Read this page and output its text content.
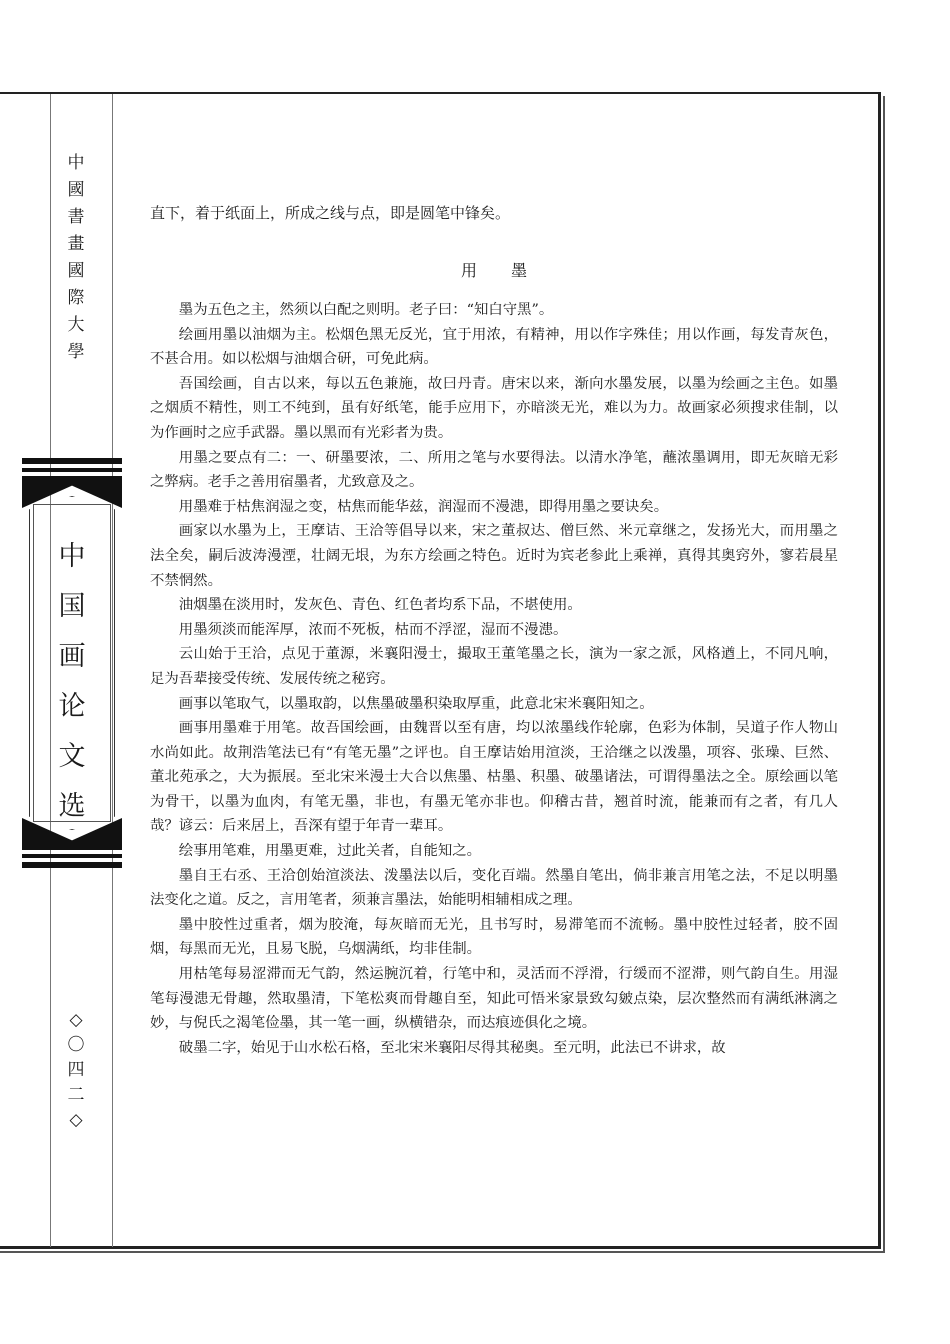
中
國
書
畫
國
際
大
學
中
国
画
论
文
选
◇
〇
四
二
◇

直下，着于纸面上，所成之线与点，即是圆笔中锋矣。

用墨

墨为五色之主，然须以白配之则明。老子曰：“知白守黑”。

绘画用墨以油烟为主。松烟色黑无反光，宜于用浓，有精神，用以作字殊佳；用以作画，每发青灰色，不甚合用。如以松烟与油烟合研，可免此病。

吾国绘画，自古以来，每以五色兼施，故曰丹青。唐宋以来，渐向水墨发展，以墨为绘画之主色。如墨之烟质不精性，则工不纯到，虽有好纸笔，能手应用下，亦暗淡无光，难以为力。故画家必须搜求佳制，以为作画时之应手武器。墨以黑而有光彩者为贵。

用墨之要点有二：一、研墨要浓，二、所用之笔与水要得法。以清水净笔，蘸浓墨调用，即无灰暗无彩之弊病。老手之善用宿墨者，尤致意及之。

用墨难于枯焦润湿之变，枯焦而能华兹，润湿而不漫漶，即得用墨之要诀矣。

画家以水墨为上，王摩诘、王洽等倡导以来，宋之董叔达、僧巨然、米元章继之，发扬光大，而用墨之法全矣，嗣后波涛漫湮，壮阔无垠，为东方绘画之特色。近时为宾老参此上乘禅，真得其奥窍外，寥若晨星不禁惘然。

油烟墨在淡用时，发灰色、青色、红色者均系下品，不堪使用。

用墨须淡而能浑厚，浓而不死板，枯而不浮涩，湿而不漫漶。

云山始于王洽，点见于董源，米襄阳漫士，撮取王董笔墨之长，演为一家之派，风格遒上，不同凡响，足为吾辈接受传统、发展传统之秘窍。

画事以笔取气，以墨取韵，以焦墨破墨积染取厚重，此意北宋米襄阳知之。

画事用墨难于用笔。故吾国绘画，由魏晋以至有唐，均以浓墨线作轮廓，色彩为体制，吴道子作人物山水尚如此。故荆浩笔法已有“有笔无墨”之评也。自王摩诘始用渲淡，王洽继之以泼墨，项容、张璪、巨然、董北苑承之，大为振展。至北宋米漫士大合以焦墨、枯墨、积墨、破墨诸法，可谓得墨法之全。原绘画以笔为骨干，以墨为血肉，有笔无墨，非也，有墨无笔亦非也。仰稽古昔，翘首时流，能兼而有之者，有几人哉？谚云：后来居上，吾深有望于年青一辈耳。

绘事用笔难，用墨更难，过此关者，自能知之。

墨自王右丞、王洽创始渲淡法、泼墨法以后，变化百端。然墨自笔出，倘非兼言用笔之法，不足以明墨法变化之道。反之，言用笔者，须兼言墨法，始能明相辅相成之理。

墨中胶性过重者，烟为胶淹，每灰暗而无光，且书写时，易滞笔而不流畅。墨中胶性过轻者，胶不固烟，每黑而无光，且易飞脱，乌烟满纸，均非佳制。

用枯笔每易涩滞而无气韵，然运腕沉着，行笔中和，灵活而不浮滑，行缓而不涩滞，则气韵自生。用湿笔每漫漶无骨趣，然取墨清，下笔松爽而骨趣自至，知此可悟米家景致勾皴点染，层次整然而有满纸淋漓之妙，与倪氏之渴笔俭墨，其一笔一画，纵横错杂，而达痕迹俱化之境。

破墨二字，始见于山水松石格，至北宋米襄阳尽得其秘奥。至元明，此法已不讲求，故
